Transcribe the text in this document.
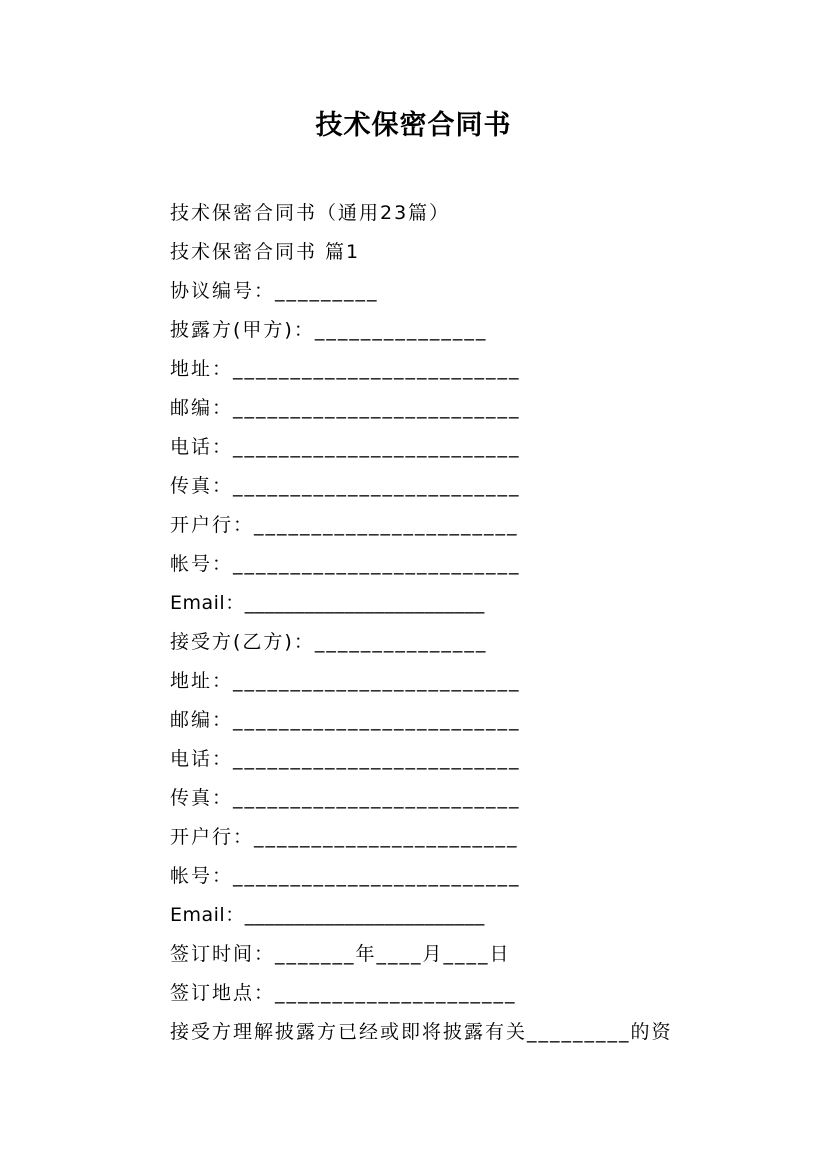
技术保密合同书
技术保密合同书（通用23篇）
技术保密合同书 篇1
协议编号：_________
披露方(甲方)：_______________
地址：_________________________
邮编：_________________________
电话：_________________________
传真：_________________________
开户行：_______________________
帐号：_________________________
Email：________________________
接受方(乙方)：_______________
地址：_________________________
邮编：_________________________
电话：_________________________
传真：_________________________
开户行：_______________________
帐号：_________________________
Email：________________________
签订时间：_______年____月____日
签订地点：_____________________
接受方理解披露方已经或即将披露有关_________的资
